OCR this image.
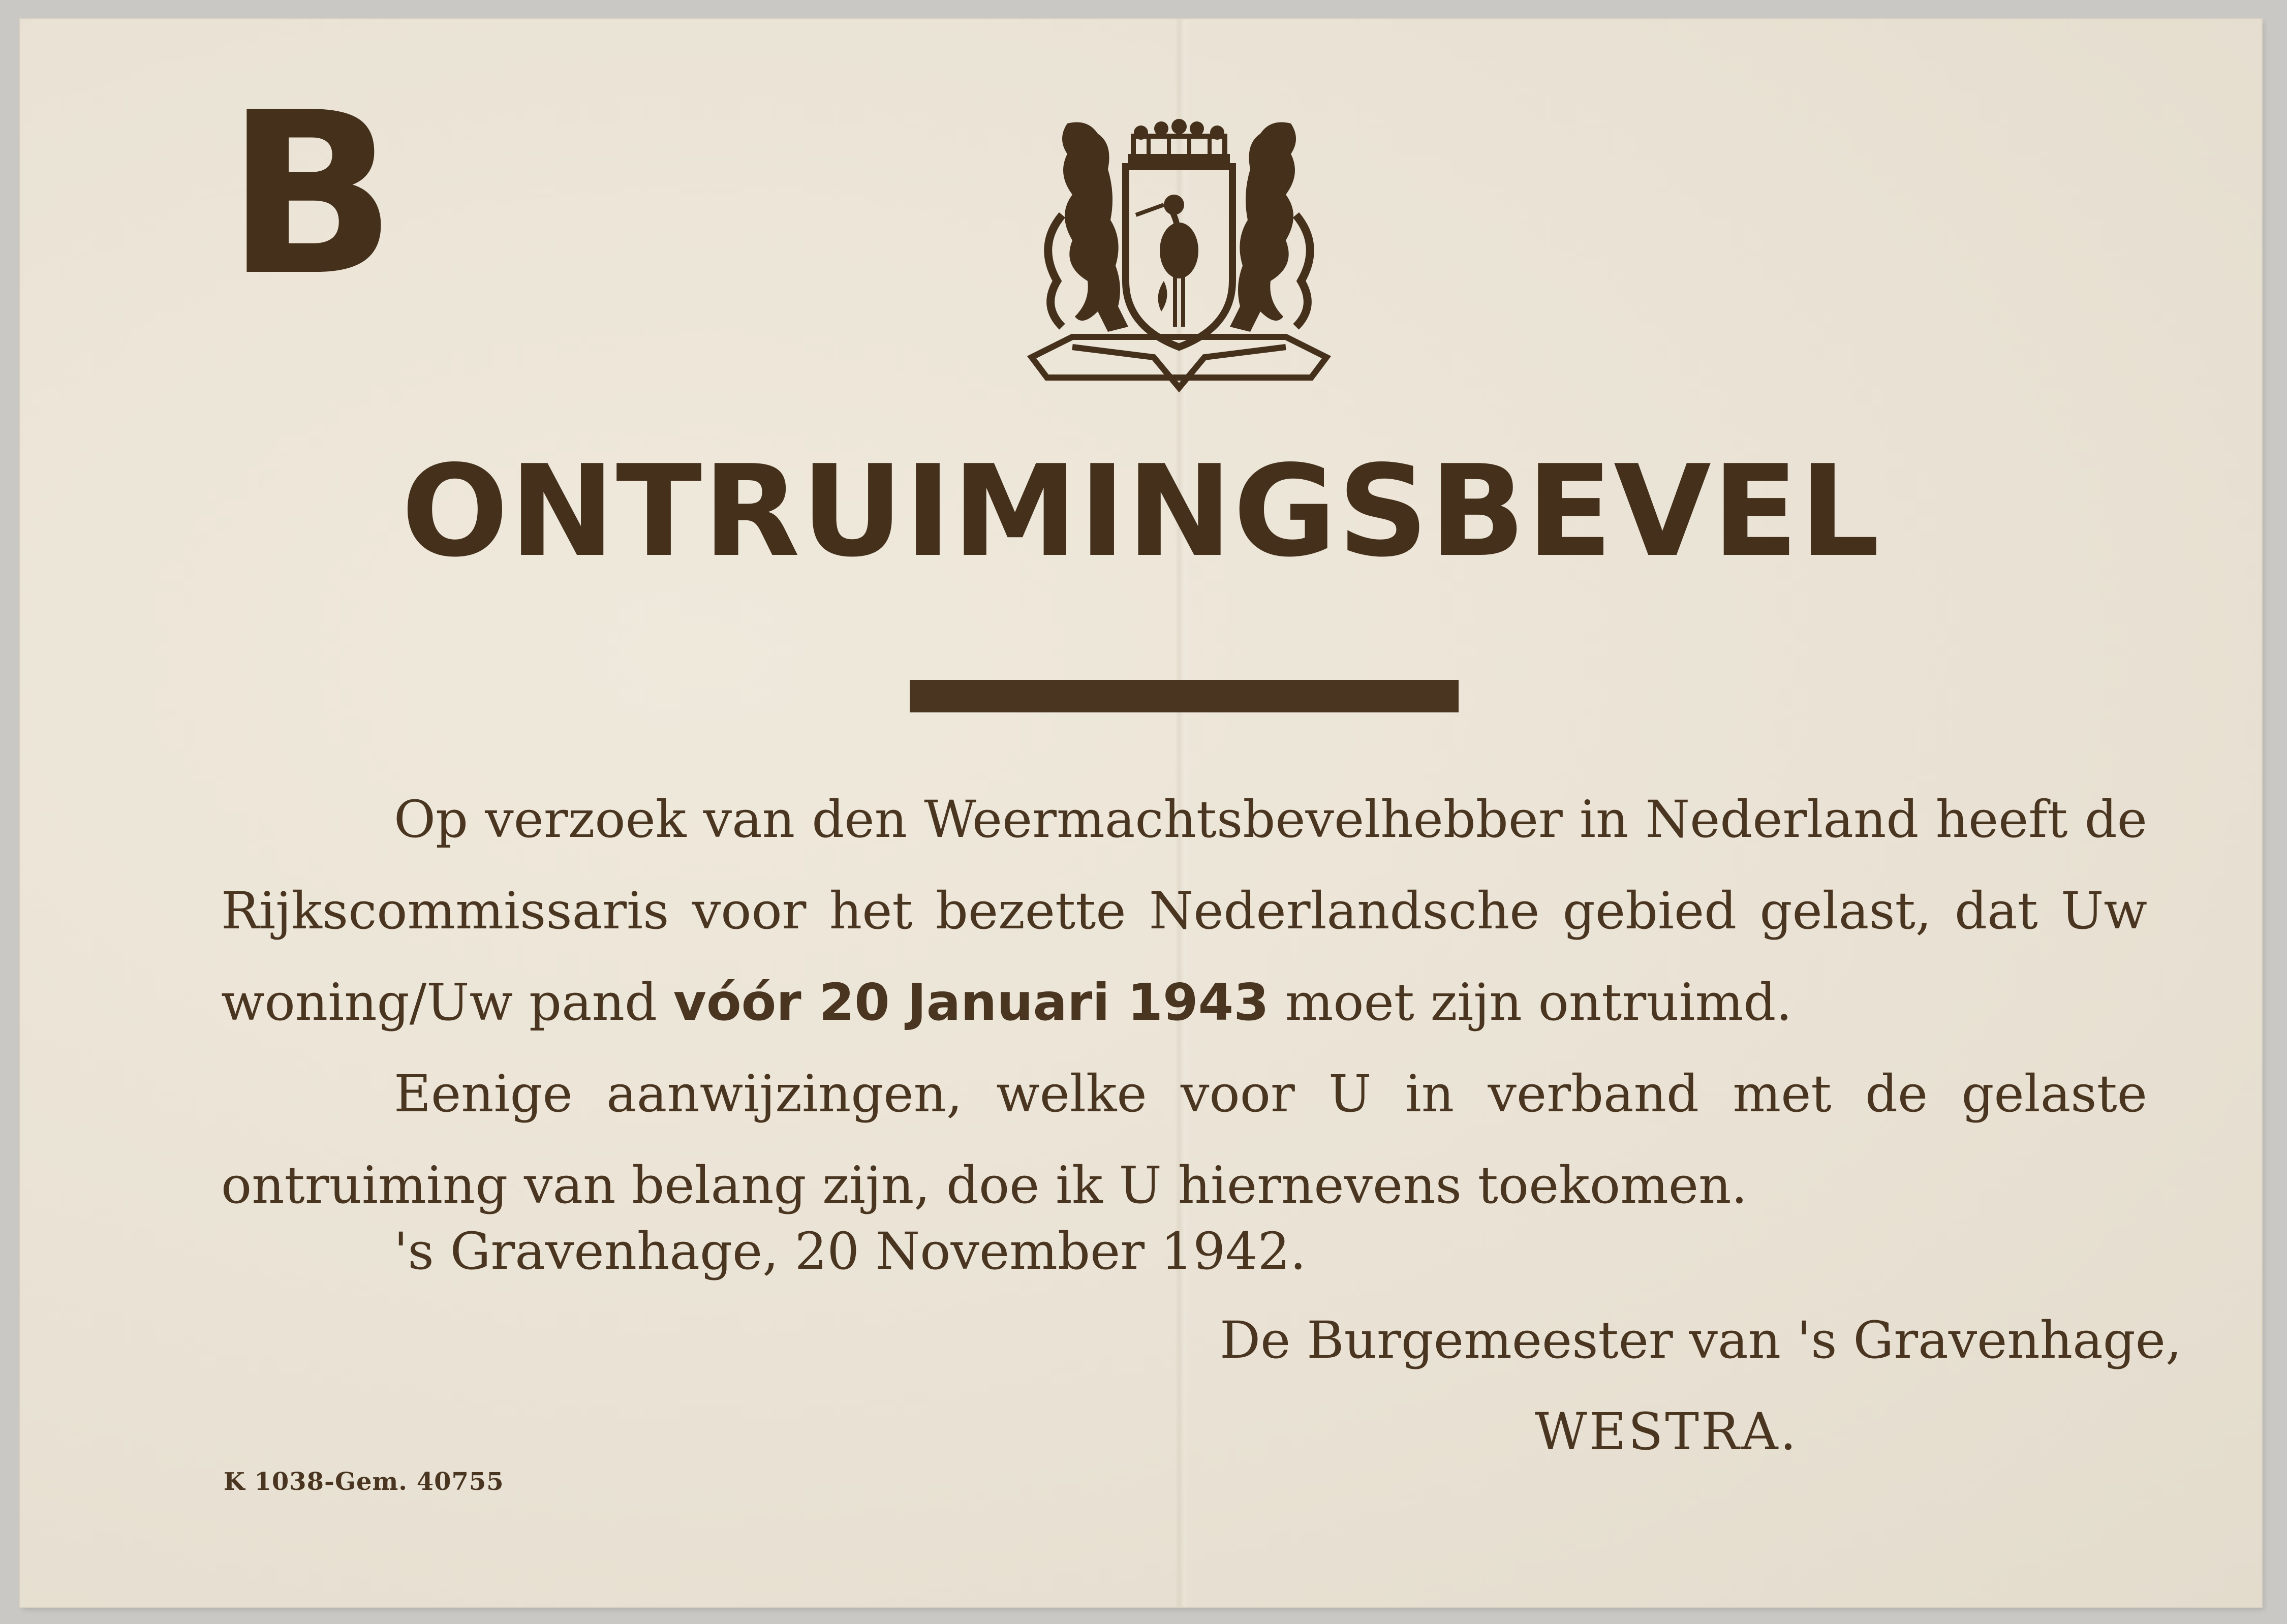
B
ONTRUIMINGSBEVEL

Op verzoek van den Weermachtsbevelhebber in Nederland heeft de Rijkscommissaris voor het bezette Nederlandsche gebied gelast, dat Uw woning/Uw pand vóór 20 Januari 1943 moet zijn ontruimd.

Eenige aanwijzingen, welke voor U in verband met de gelaste ontruiming van belang zijn, doe ik U hiernevens toekomen.

's Gravenhage, 20 November 1942.
De Burgemeester van 's Gravenhage,
WESTRA.
K 1038-Gem. 40755
